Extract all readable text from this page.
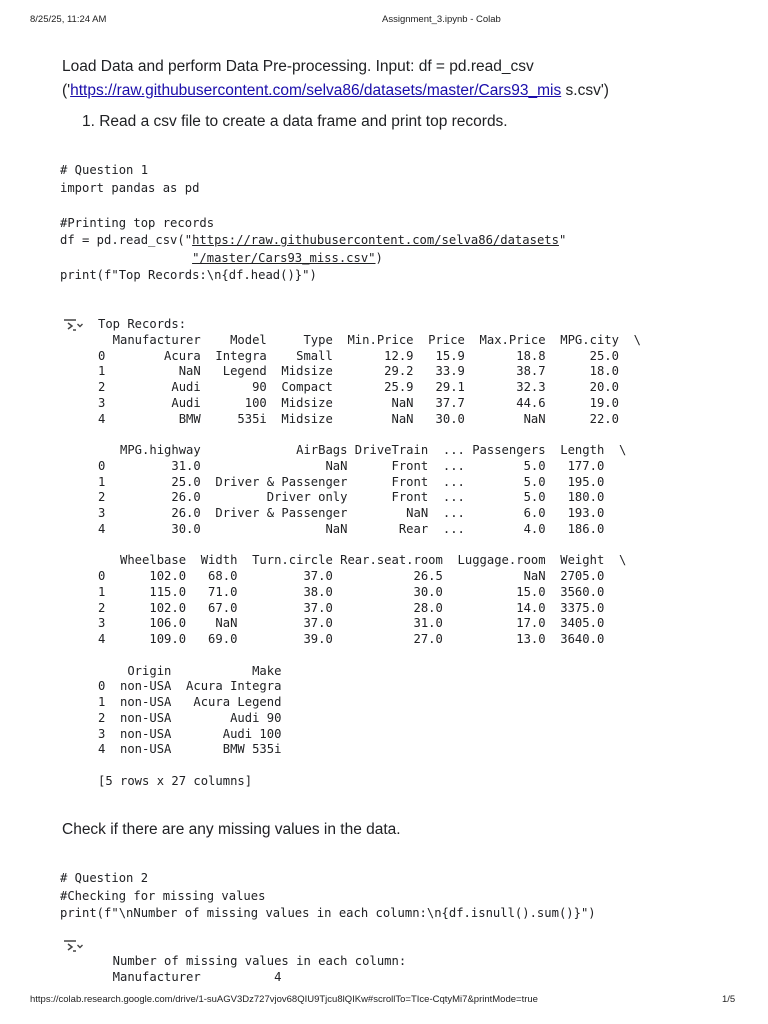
8/25/25, 11:24 AM	Assignment_3.ipynb - Colab
Load Data and perform Data Pre-processing. Input: df = pd.read_csv
('https://raw.githubusercontent.com/selva86/datasets/master/Cars93_mis s.csv')
1. Read a csv file to create a data frame and print top records.
# Question 1
import pandas as pd

#Printing top records
df = pd.read_csv("https://raw.githubusercontent.com/selva86/datasets"
"/master/Cars93_miss.csv")
print(f"Top Records:\n{df.head()}")
Top Records:
Manufacturer    Model     Type  Min.Price  Price  Max.Price  MPG.city  \
0        Acura  Integra    Small       12.9   15.9       18.8      25.0
1          NaN   Legend  Midsize       29.2   33.9       38.7      18.0
2         Audi       90  Compact       25.9   29.1       32.3      20.0
3         Audi      100  Midsize        NaN   37.7       44.6      19.0
4          BMW     535i  Midsize        NaN   30.0        NaN      22.0

MPG.highway             AirBags DriveTrain  ... Passengers  Length  \
0         31.0                 NaN      Front  ...        5.0   177.0
1         25.0  Driver & Passenger      Front  ...        5.0   195.0
2         26.0         Driver only      Front  ...        5.0   180.0
3         26.0  Driver & Passenger        NaN  ...        6.0   193.0
4         30.0                 NaN       Rear  ...        4.0   186.0

Wheelbase  Width  Turn.circle Rear.seat.room  Luggage.room  Weight  \
0      102.0   68.0         37.0           26.5           NaN  2705.0
1      115.0   71.0         38.0           30.0          15.0  3560.0
2      102.0   67.0         37.0           28.0          14.0  3375.0
3      106.0    NaN         37.0           31.0          17.0  3405.0
4      109.0   69.0         39.0           27.0          13.0  3640.0

Origin           Make
0  non-USA  Acura Integra
1  non-USA   Acura Legend
2  non-USA        Audi 90
3  non-USA       Audi 100
4  non-USA       BMW 535i

[5 rows x 27 columns]
Check if there are any missing values in the data.
# Question 2
#Checking for missing values
print(f"\nNumber of missing values in each column:\n{df.isnull().sum()}")
Number of missing values in each column:
Manufacturer          4
https://colab.research.google.com/drive/1-suAGV3Dz727vjov68QIU9Tjcu8lQIKw#scrollTo=TIce-CqtyMi7&printMode=true	1/5
